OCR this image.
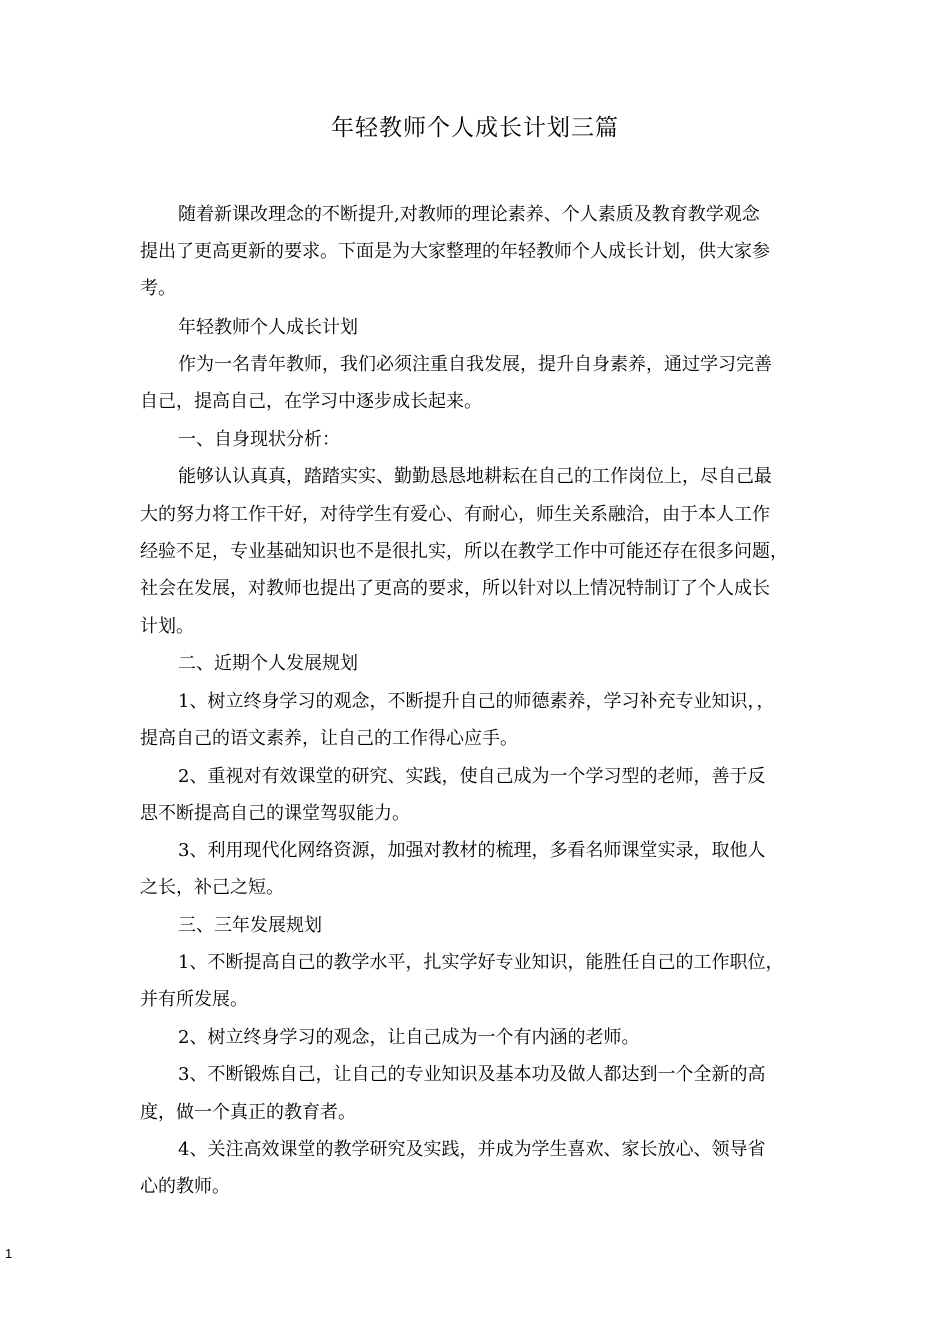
年轻教师个人成长计划三篇
随着新课改理念的不断提升,对教师的理论素养、个人素质及教育教学观念
提出了更高更新的要求。下面是为大家整理的年轻教师个人成长计划，供大家参
考。
年轻教师个人成长计划
作为一名青年教师，我们必须注重自我发展，提升自身素养，通过学习完善
自己，提高自己，在学习中逐步成长起来。
一、自身现状分析：
能够认认真真，踏踏实实、勤勤恳恳地耕耘在自己的工作岗位上，尽自己最
大的努力将工作干好，对待学生有爱心、有耐心，师生关系融洽，由于本人工作
经验不足，专业基础知识也不是很扎实，所以在教学工作中可能还存在很多问题，
社会在发展，对教师也提出了更高的要求，所以针对以上情况特制订了个人成长
计划。
二、近期个人发展规划
1、树立终身学习的观念，不断提升自己的师德素养，学习补充专业知识，，
提高自己的语文素养，让自己的工作得心应手。
2、重视对有效课堂的研究、实践，使自己成为一个学习型的老师，善于反
思不断提高自己的课堂驾驭能力。
3、利用现代化网络资源，加强对教材的梳理，多看名师课堂实录，取他人
之长，补己之短。
三、三年发展规划
1、不断提高自己的教学水平，扎实学好专业知识，能胜任自己的工作职位，
并有所发展。
2、树立终身学习的观念，让自己成为一个有内涵的老师。
3、不断锻炼自己，让自己的专业知识及基本功及做人都达到一个全新的高
度，做一个真正的教育者。
4、关注高效课堂的教学研究及实践，并成为学生喜欢、家长放心、领导省
心的教师。
1
